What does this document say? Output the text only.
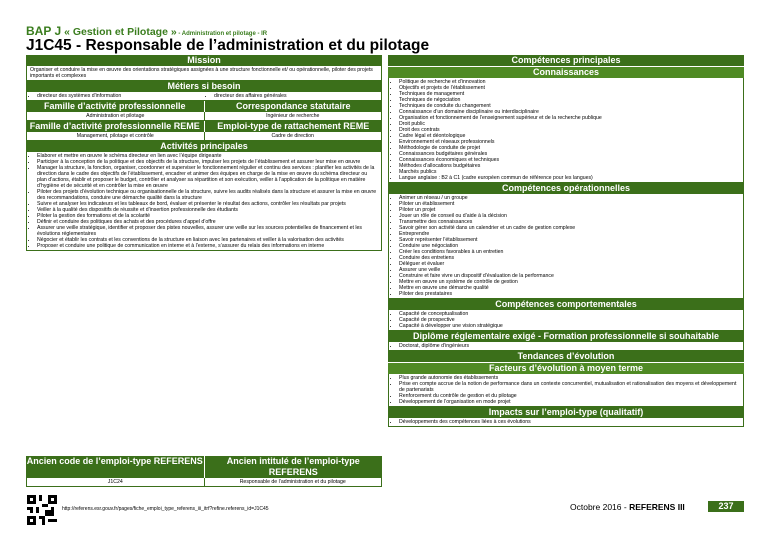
BAP J « Gestion et Pilotage » - Administration et pilotage - IR
J1C45 - Responsable de l’administration et du pilotage
Mission
Organiser et conduire la mise en œuvre des orientations stratégiques assignées à une structure fonctionnelle et/ ou opérationnelle, piloter des projets importants et complexes
Métiers si besoin
• directeur des systèmes d'information
•	directeur des affaires générales
Famille d’activité professionnelle	Correspondance statutaire
Administration et pilotage	Ingénieur de recherche
Famille d’activité professionnelle REME	Emploi-type de rattachement REME
Management, pilotage et contrôle	Cadre de direction
Activités principales
• Elaborer et mettre en œuvre le schéma directeur en lien avec l’équipe dirigeante
• Participer à la conception de la politique et des objectifs de la structure, impulser les projets de l’établissement et assurer leur mise en œuvre
• Manager la structure, la fonction, organiser, coordonner et superviser le fonctionnement régulier et continu des services : planifier les activités de la direction dans le cadre des objectifs de l’établissement, encadrer et animer des équipes en charge de la mise en œuvre du schéma directeur ou plan d’actions, établir et proposer le budget, contrôler et analyser sa répartition et son exécution, veiller à l’application de la politique en matière d’hygiène et de sécurité et en contrôler la mise en œuvre
• Piloter des projets d’évolution technique ou organisationnelle de la structure, suivre les audits réalisés dans la structure et assurer la mise en œuvre des recommandations, conduire une démarche qualité dans la structure
• Suivre et analyser les indicateurs et les tableaux de bord, évaluer et présenter le résultat des actions, contrôler les résultats par projets
• Veiller à la qualité des dispositifs de réussite et d’insertion professionnelle des étudiants
• Piloter la gestion des formations et de la scolarité
• Définir et conduire des politiques des achats et des procédures d’appel d’offre
• Assurer une veille stratégique, identifier et proposer des pistes nouvelles, assurer une veille sur les sources potentielles de financement et les évolutions réglementaires
• Négocier et établir les contrats et les conventions de la structure en liaison avec les partenaires et veiller à la valorisation des activités
• Proposer et conduire une politique de communication en interne et à l’externe, s’assurer du relais des informations en interne
Ancien code de l’emploi-type REFERENS	Ancien intitulé de l’emploi-type REFERENS
J1C24	Responsable de l’administration et du pilotage
Compétences principales
Connaissances
• Politique de recherche et d’innovation
• Objectifs et projets de l’établissement
• Techniques de management
• Techniques de négociation
• Techniques de conduite du changement
• Connaissance d’un domaine disciplinaire ou interdisciplinaire
• Organisation et fonctionnement de l’enseignement supérieur et de la recherche publique
• Droit public
• Droit des contrats
• Cadre légal et déontologique
• Environnement et réseaux professionnels
• Méthodologie de conduite de projet
• Connaissances budgétaires générales
• Connaissances économiques et techniques
• Méthodes d’allocations budgétaires
• Marchés publics
• Langue anglaise : B2 à C1 (cadre européen commun de référence pour les langues)
Compétences opérationnelles
• Animer un réseau / un groupe
• Piloter un établissement
• Piloter un projet
• Jouer un rôle de conseil ou d’aide à la décision
• Transmettre des connaissances
• Savoir gérer son activité dans un calendrier et un cadre de gestion complexe
• Entreprendre
• Savoir représenter l’établissement
• Conduire une négociation
• Créer les conditions favorables à un entretien
• Conduire des entretiens
• Déléguer et évaluer
• Assurer une veille
• Construire et faire vivre un dispositif d’évaluation de la performance
• Mettre en œuvre un système de contrôle de gestion
• Mettre en œuvre une démarche qualité
• Piloter des prestataires
Compétences comportementales
• Capacité de conceptualisation
• Capacité de prospective
• Capacité à développer une vision stratégique
Diplôme réglementaire exigé - Formation professionnelle si souhaitable
• Doctorat, diplôme d’ingénieurs
Tendances d’évolution
Facteurs d’évolution à moyen terme
• Plus grande autonomie des établissements
• Prise en compte accrue de la notion de performance dans un contexte concurrentiel, mutualisation et rationalisation des moyens et développement de partenariats
• Renforcement du contrôle de gestion et du pilotage
• Développement de l’organisation en mode projet
Impacts sur l’emploi-type (qualitatif)
• Développements des compétences liées à ces évolutions
http://referens.esr.gouv.fr/pages/fiche_emploi_type_referens_iii_itrf?refine.referens_id=J1C45	Octobre 2016 - REFERENS III	237
